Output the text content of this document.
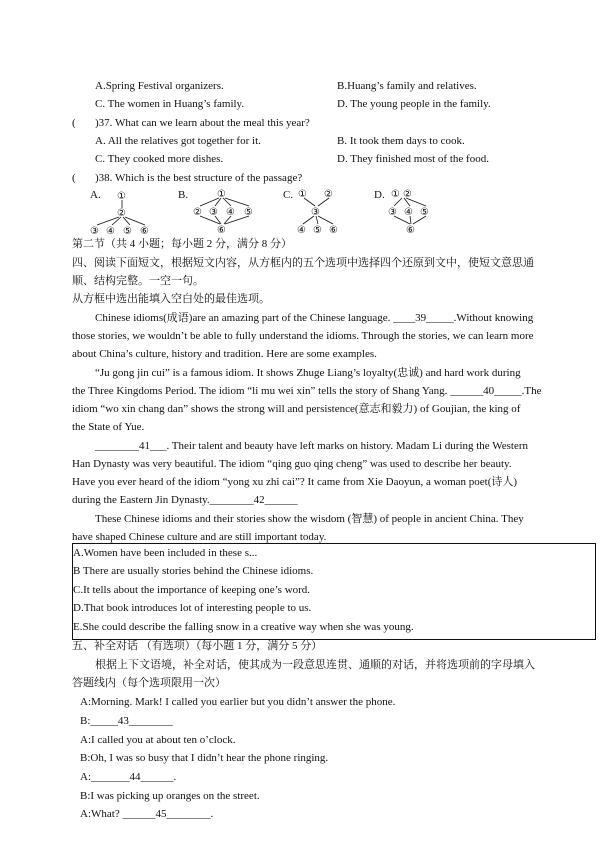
A.Spring Festival organizers.	B.Huang’s family and relatives.
C. The women in Huang’s family.	D. The young people in the family.
( )37. What can we learn about the meal this year?
A. All the relatives got together for it.	B. It took them days to cook.
C. They cooked more dishes.	D. They finished most of the food.
( )38. Which is the best structure of the passage?
A.	B.	C.	D.
①
②
③ ④ ⑤ ⑥
①
② ③ ④ ⑤
⑥
① ②
③
④ ⑤ ⑥
① ②
③ ④ ⑤
⑥
第二节（共 4 小题；每小题 2 分，满分 8 分）
四、阅读下面短文，根据短文内容，从方框内的五个选项中选择四个还原到文中，使短文意思通
顺、结构完整。一空一句。
从方框中选出能填入空白处的最佳选项。
Chinese idioms(成语)are an amazing part of the Chinese language. ____39_____.Without knowing
those stories, we wouldn’t be able to fully understand the idioms. Through the stories, we can learn more
about China’s culture, history and tradition. Here are some examples.
“Ju gong jin cui” is a famous idiom. It shows Zhuge Liang’s loyalty(忠诚) and hard work during
the Three Kingdoms Period. The idiom “li mu wei xin” tells the story of Shang Yang. ______40_____.The
idiom “wo xin chang dan” shows the strong will and persistence(意志和毅力) of Goujian, the king of
the State of Yue.
________41___. Their talent and beauty have left marks on history. Madam Li during the Western
Han Dynasty was very beautiful. The idiom “qing guo qing cheng” was used to describe her beauty.
Have you ever heard of the idiom “yong xu zhi cai”? It came from Xie Daoyun, a woman poet(诗人)
during the Eastern Jin Dynasty.________42______
These Chinese idioms and their stories show the wisdom (智慧) of people in ancient China. They
have shaped Chinese culture and are still important today.
A.Women have been included in these s...
B There are usually stories behind the Chinese idioms.
C.It tells about the importance of keeping one’s word.
D.That book introduces lot of interesting people to us.
E.She could describe the falling snow in a creative way when she was young.
五、补全对话 （有选项）（每小题 1 分，满分 5 分）
根据上下文语境，补全对话，使其成为一段意思连贯、通顺的对话，并将选项前的字母填入
答题线内（每个选项限用一次）
A:Morning. Mark! I called you earlier but you didn’t answer the phone.
B:_____43________
A:I called you at about ten o’clock.
B:Oh, I was so busy that I didn’t hear the phone ringing.
A:_______44______.
B:I was picking up oranges on the street.
A:What? ______45________.
